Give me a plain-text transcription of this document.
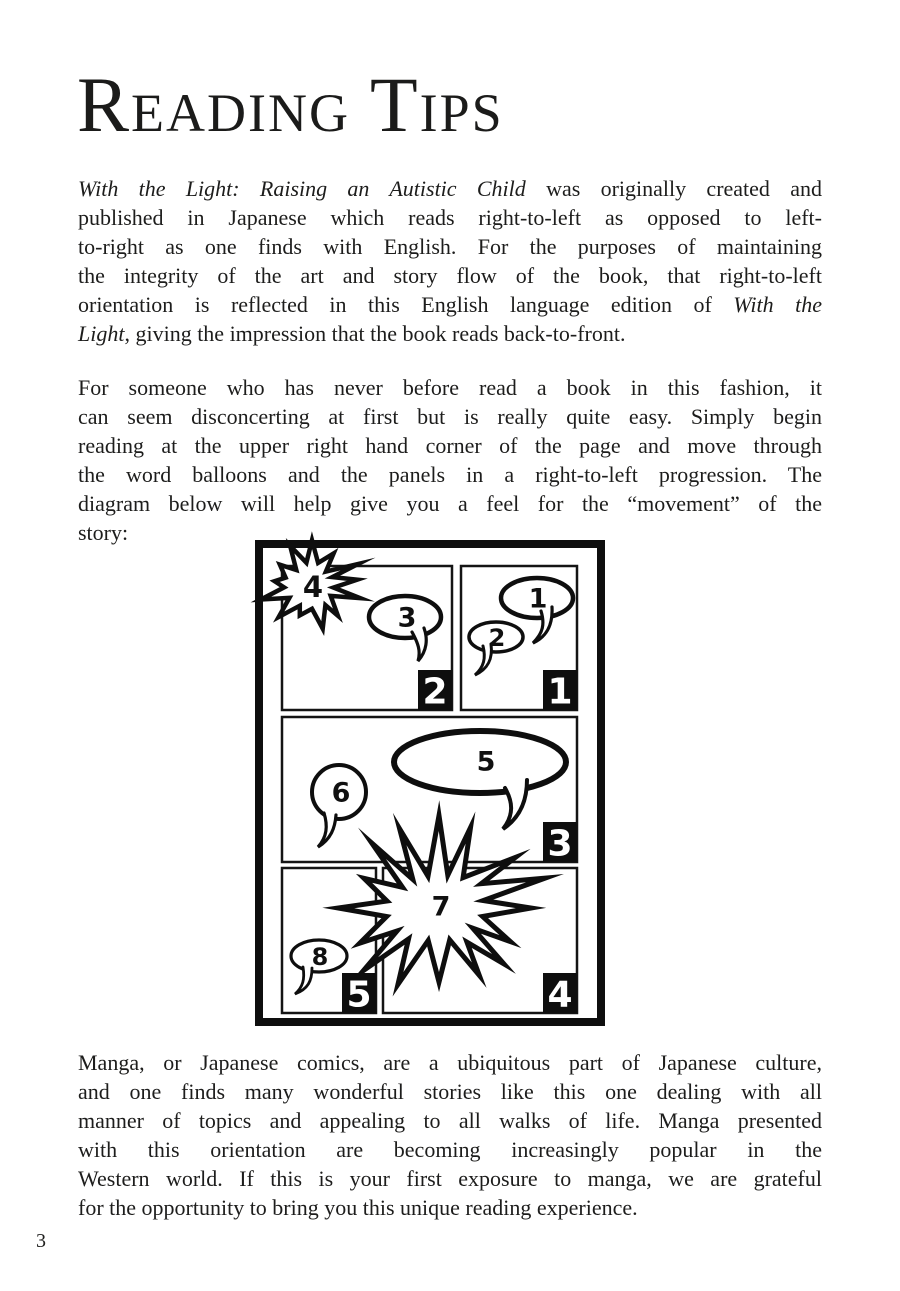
READING TIPS
With the Light: Raising an Autistic Child was originally created and
published in Japanese which reads right-to-left as opposed to left-
to-right as one finds with English. For the purposes of maintaining
the integrity of the art and story flow of the book, that right-to-left
orientation is reflected in this English language edition of With the
Light, giving the impression that the book reads back-to-front.
For someone who has never before read a book in this fashion, it
can seem disconcerting at first but is really quite easy. Simply begin
reading at the upper right hand corner of the page and move through
the word balloons and the panels in a right-to-left progression. The
diagram below will help give you a feel for the “movement” of the
story:
4
3
1
2
5
6
7
8
1
2
3
4
5
Manga, or Japanese comics, are a ubiquitous part of Japanese culture,
and one finds many wonderful stories like this one dealing with all
manner of topics and appealing to all walks of life. Manga presented
with this orientation are becoming increasingly popular in the
Western world. If this is your first exposure to manga, we are grateful
for the opportunity to bring you this unique reading experience.
3
